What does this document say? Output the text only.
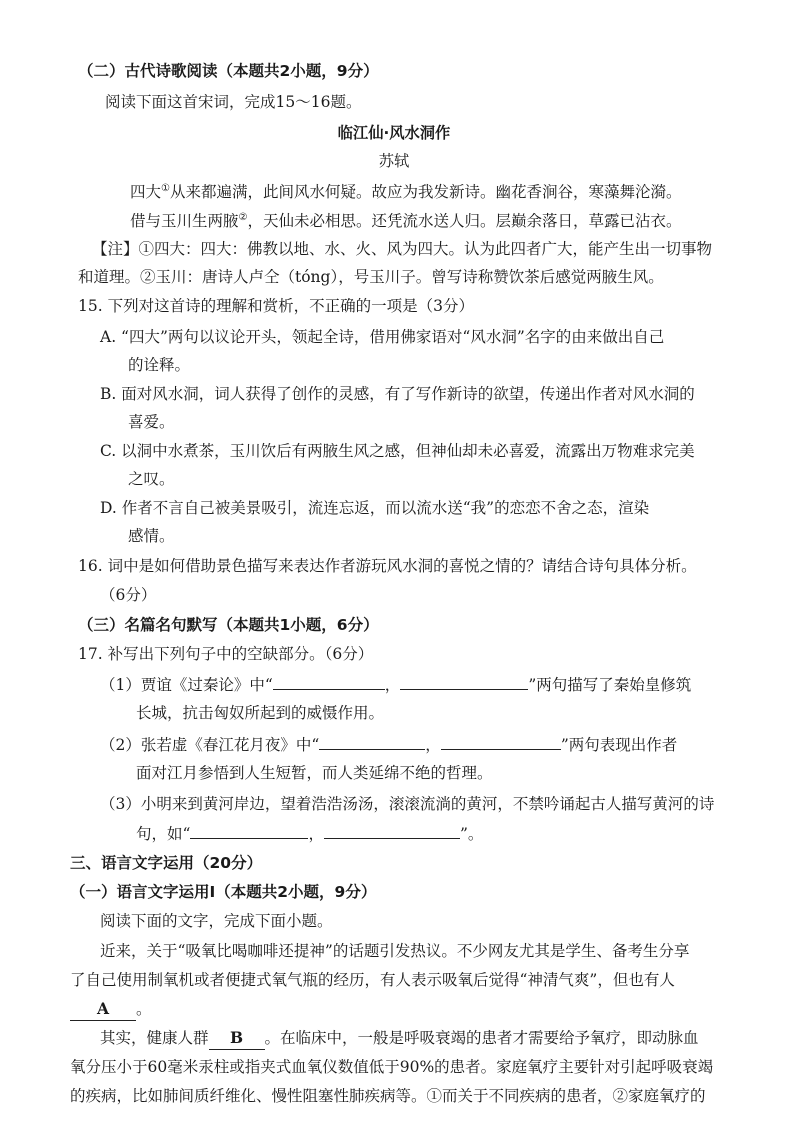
（二）古代诗歌阅读（本题共2小题，9分）
阅读下面这首宋词，完成15～16题。
临江仙·风水洞作
苏轼
四大①从来都遍满，此间风水何疑。故应为我发新诗。幽花香涧谷，寒藻舞沦漪。
借与玉川生两腋②，天仙未必相思。还凭流水送人归。层巅余落日，草露已沾衣。
【注】①四大：四大：佛教以地、水、火、风为四大。认为此四者广大，能产生出一切事物
和道理。②玉川：唐诗人卢仝（tóng），号玉川子。曾写诗称赞饮茶后感觉两腋生风。
15. 下列对这首诗的理解和赏析，不正确的一项是（3分）
A. “四大”两句以议论开头，领起全诗，借用佛家语对“风水洞”名字的由来做出自己
的诠释。
B. 面对风水洞，词人获得了创作的灵感，有了写作新诗的欲望，传递出作者对风水洞的
喜爱。
C. 以洞中水煮茶，玉川饮后有两腋生风之感，但神仙却未必喜爱，流露出万物难求完美
之叹。
D. 作者不言自己被美景吸引，流连忘返，而以流水送“我”的恋恋不舍之态，渲染
感情。
16. 词中是如何借助景色描写来表达作者游玩风水洞的喜悦之情的？请结合诗句具体分析。
（6分）
（三）名篇名句默写（本题共1小题，6分）
17. 补写出下列句子中的空缺部分。（6分）
（1）贾谊《过秦论》中“	，	”两句描写了秦始皇修筑
长城，抗击匈奴所起到的威慑作用。
（2）张若虚《春江花月夜》中“	，	”两句表现出作者
面对江月参悟到人生短暂，而人类延绵不绝的哲理。
（3）小明来到黄河岸边，望着浩浩汤汤，滚滚流淌的黄河，不禁吟诵起古人描写黄河的诗
句，如“	，	”。
三、语言文字运用（20分）
（一）语言文字运用Ⅰ（本题共2小题，9分）
阅读下面的文字，完成下面小题。
近来，关于“吸氧比喝咖啡还提神”的话题引发热议。不少网友尤其是学生、备考生分享
了自己使用制氧机或者便捷式氧气瓶的经历，有人表示吸氧后觉得“神清气爽”，但也有人
A 。
其实，健康人群 B 。在临床中，一般是呼吸衰竭的患者才需要给予氧疗，即动脉血
氧分压小于60毫米汞柱或指夹式血氧仪数值低于90%的患者。家庭氧疗主要针对引起呼吸衰竭
的疾病，比如肺间质纤维化、慢性阻塞性肺疾病等。①而关于不同疾病的患者，②家庭氧疗的
